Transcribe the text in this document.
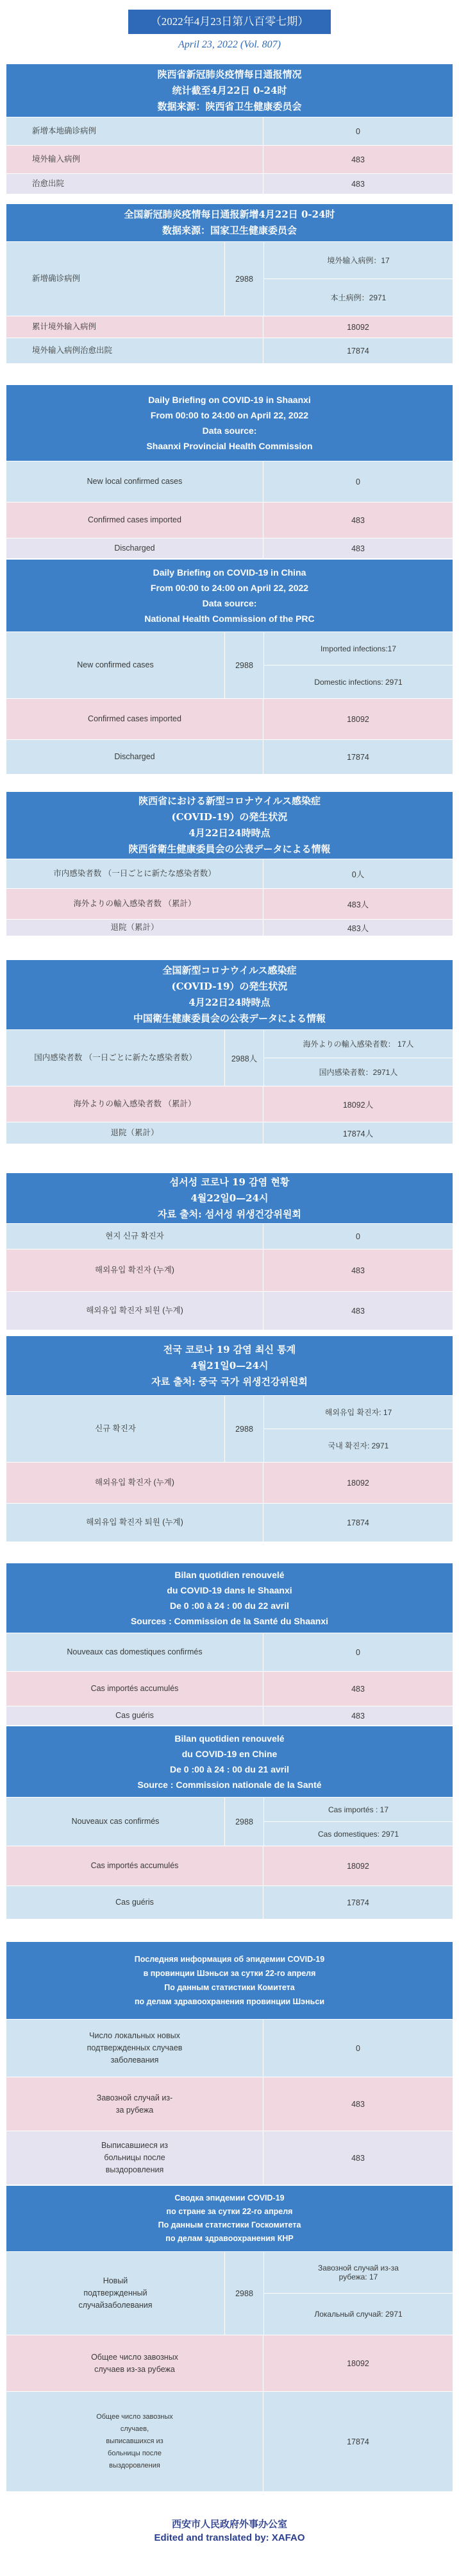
（2022年4月23日第八百零七期）
April 23, 2022 (Vol. 807)
陕西省新冠肺炎疫情每日通报情况
统计截至4月22日 0-24时
数据来源：陕西省卫生健康委员会
新增本地确诊病例	0
境外输入病例	483
治愈出院	483
全国新冠肺炎疫情每日通报新增4月22日 0-24时
数据来源：国家卫生健康委员会
新增确诊病例	2988
境外输入病例：17
本土病例：2971
累计境外输入病例	18092
境外输入病例治愈出院	17874
Daily Briefing on COVID-19 in Shaanxi
From 00:00 to 24:00 on April 22, 2022
Data source:
Shaanxi Provincial Health Commission
New local confirmed cases	0
Confirmed cases imported	483
Discharged	483
Daily Briefing on COVID-19 in China
From 00:00 to 24:00 on April 22, 2022
Data source:
National Health Commission of the PRC
New confirmed cases	2988
Imported infections:17
Domestic infections: 2971
Confirmed cases imported	18092
Discharged	17874
陝西省における新型コロナウイルス感染症
(COVID-19）の発生状況
4月22日24時時点
陝西省衛生健康委員会の公表データによる情報
市内感染者数 （一日ごとに新たな感染者数）	0人
海外よりの輸入感染者数 （累計）	483人
退院（累計）	483人
全国新型コロナウイルス感染症
(COVID-19）の発生状況
4月22日24時時点
中国衛生健康委員会の公表データによる情報
国内感染者数 （一日ごとに新たな感染者数）	2988人
海外よりの輸入感染者数： 17人
国内感染者数：2971人
海外よりの輸入感染者数 （累計）	18092人
退院（累計）	17874人
섬서성 코로나 19 감염 현황
4월22일0—24시
자료 출처: 섬서성 위생건강위원회
현지 신규 확진자	0
해외유입 확진자 (누계)	483
해외유입 확진자 퇴원 (누계)	483
전국 코로나 19 감염 최신 통계
4월21일0—24시
자료 출처: 중국 국가 위생건강위원회
신규 확진자	2988
해외유입 확진자: 17
국내 확진자: 2971
해외유입 확진자 (누계)	18092
해외유입 확진자 퇴원 (누계)	17874
Bilan quotidien renouvelé
du COVID-19 dans le Shaanxi
De 0 :00 à 24 : 00 du 22 avril
Sources : Commission de la Santé du Shaanxi
Nouveaux cas domestiques confirmés	0
Cas importés accumulés	483
Cas guéris	483
Bilan quotidien renouvelé
du COVID-19 en Chine
De 0 :00 à 24 : 00 du 21 avril
Source : Commission nationale de la Santé
Nouveaux cas confirmés	2988
Cas importés : 17
Cas domestiques: 2971
Cas importés accumulés	18092
Cas guéris	17874
Последняя информация об эпидемии COVID-19
в провинции Шэньси за сутки 22-го апреля
По данным статистики Комитета
по делам здравоохранения провинции Шэньси
Число локальных новых подтвержденных случаев заболевания
0
Завозной случай из-за рубежа
483
Выписавшиеся из больницы после выздоровления
483
Сводка эпидемии COVID-19
по стране за сутки 22-го апреля
По данным статистики Госкомитета
по делам здравоохранения КНР
Новый подтвержденный случайзаболевания
2988
Завозной случай из-за рубежа: 17
Локальный случай: 2971
Общее число завозных случаев из-за рубежа
18092
Общее число завозных случаев, выписавшихся из больницы после выздоровления
17874
西安市人民政府外事办公室
Edited and translated by: XAFAO
